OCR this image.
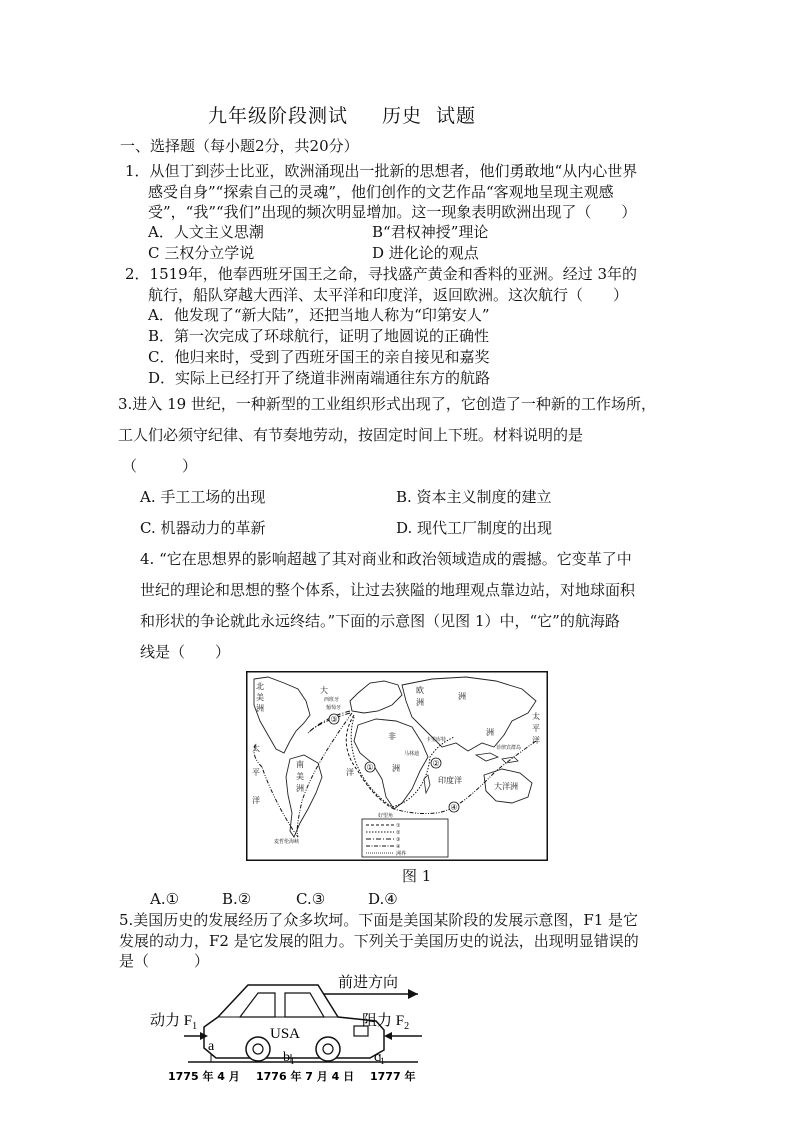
九年级阶段测试 历史 试题
一、选择题（每小题2分，共20分）
1．从但丁到莎士比亚，欧洲涌现出一批新的思想者，他们勇敢地“从内心世界
感受自身”“探索自己的灵魂”，他们创作的文艺作品“客观地呈现主观感
受”，“我”“我们”出现的频次明显增加。这一现象表明欧洲出现了（　　）
A．人文主义思潮	B“君权神授”理论
C 三权分立学说	D 进化论的观点
2．1519年，他奉西班牙国王之命，寻找盛产黄金和香料的亚洲。经过 3年的
航行，船队穿越大西洋、太平洋和印度洋，返回欧洲。这次航行（　　）
A．他发现了“新大陆”，还把当地人称为“印第安人”
B．第一次完成了环球航行，证明了地圆说的正确性
C．他归来时，受到了西班牙国王的亲自接见和嘉奖
D．实际上已经打开了绕道非洲南端通往东方的航路
3.进入 19 世纪，一种新型的工业组织形式出现了，它创造了一种新的工作场所，
工人们必须守纪律、有节奏地劳动，按固定时间上下班。材料说明的是
（　　　）
A. 手工工场的出现	B. 资本主义制度的建立
C. 机器动力的革新	D. 现代工厂制度的出现
4. “它在思想界的影响超越了其对商业和政治领域造成的震撼。它变革了中
世纪的理论和思想的整个体系，让过去狭隘的地理观点靠边站，对地球面积
和形状的争论就此永远终结。”下面的示意图（见图 1）中，“它”的航海路
线是（　　）
①	②
③
④
北
美
洲
大	欧
洲
洲
洲
太
平
洋
非
洲
南
美
洲
太
平
洋
洋
印度洋
大洋洲
西班牙
葡萄牙
卡里库特
马林迪
菲律宾群岛
好望角
麦哲伦海峡
①
②
③
④
洲界
图 1
A.①	B.②	C.③	D.④
5.美国历史的发展经历了众多坎坷。下面是美国某阶段的发展示意图，F1 是它
发展的动力，F2 是它发展的阻力。下列关于美国历史的说法，出现明显错误的
是（　　　）
前进方向
USA
动力 $F_1$	阻力 $F_2$
a
$b_1$	$c_1$
1775 年 4 月 1776 年 7 月 4 日 1777 年
